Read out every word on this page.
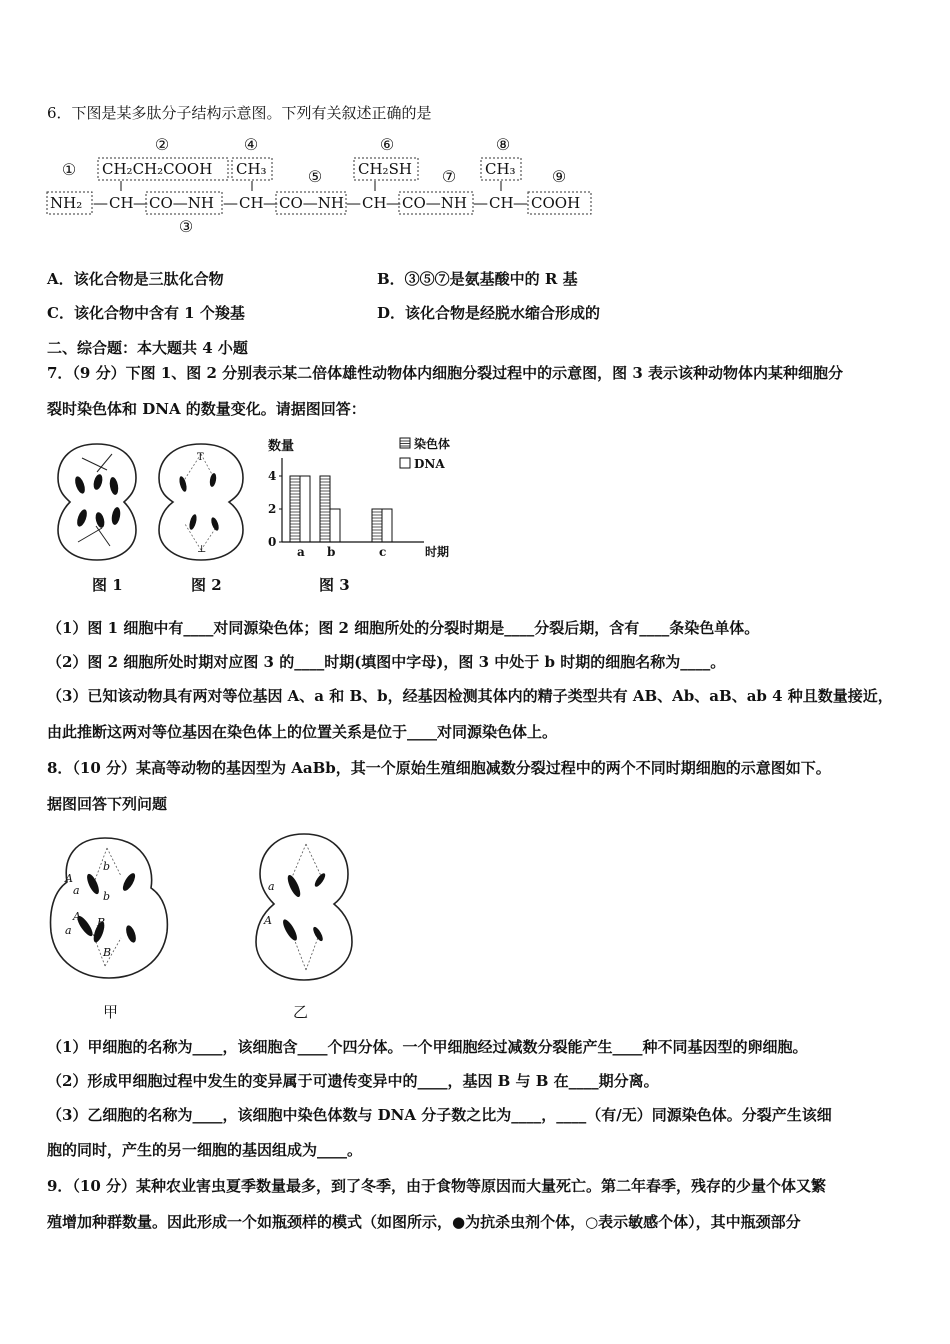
6．下图是某多肽分子结构示意图。下列有关叙述正确的是
①
②
③
④
⑤
⑥
⑦
⑧
⑨
CH₂CH₂COOH CH₃	CH₂SH	CH₃
NH₂ — CH — CO—NH — CH — CO—NH — CH — CO—NH — CH — COOH
A．该化合物是三肽化合物	B．③⑤⑦是氨基酸中的 R 基
C．该化合物中含有 1 个羧基	D．该化合物是经脱水缩合形成的
二、综合题：本大题共 4 小题
7．（9 分）下图 1、图 2 分别表示某二倍体雄性动物体内细胞分裂过程中的示意图，图 3 表示该种动物体内某种细胞分
裂时染色体和 DNA 的数量变化。请据图回答：
图 1
T
⊥
图 2
数量
时期
0
2
4
a b	c
染色体
DNA
图 3
（1）图 1 细胞中有____对同源染色体；图 2 细胞所处的分裂时期是____分裂后期，含有____条染色单体。
（2）图 2 细胞所处时期对应图 3 的____时期(填图中字母)，图 3 中处于 b 时期的细胞名称为____。
（3）已知该动物具有两对等位基因 A、a 和 B、b，经基因检测其体内的精子类型共有 AB、Ab、aB、ab 4 种且数量接近，
由此推断这两对等位基因在染色体上的位置关系是位于____对同源染色体上。
8．（10 分）某高等动物的基因型为 AaBb，其一个原始生殖细胞减数分裂过程中的两个不同时期细胞的示意图如下。
据图回答下列问题
A
a
b
b
A
a
B
B
甲
a
A
乙
（1）甲细胞的名称为____，该细胞含____个四分体。一个甲细胞经过减数分裂能产生____种不同基因型的卵细胞。
（2）形成甲细胞过程中发生的变异属于可遗传变异中的____，基因 B 与 B 在____期分离。
（3）乙细胞的名称为____，该细胞中染色体数与 DNA 分子数之比为____，____（有/无）同源染色体。分裂产生该细
胞的同时，产生的另一细胞的基因组成为____。
9．（10 分）某种农业害虫夏季数量最多，到了冬季，由于食物等原因而大量死亡。第二年春季，残存的少量个体又繁
殖增加种群数量。因此形成一个如瓶颈样的模式（如图所示，●为抗杀虫剂个体，○表示敏感个体），其中瓶颈部分
